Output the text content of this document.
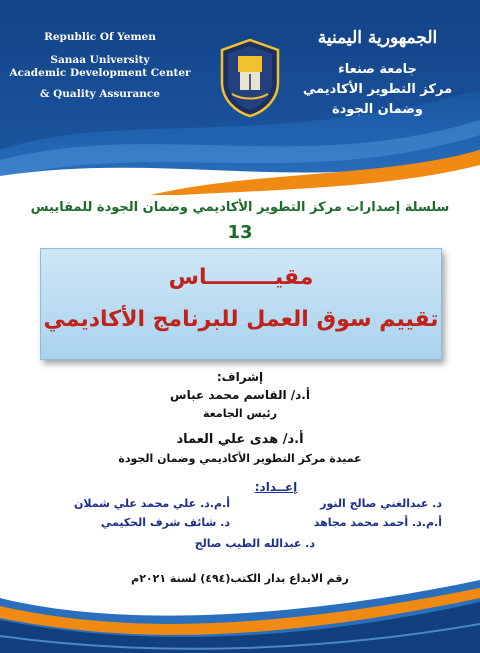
Republic Of Yemen
Sanaa University
Academic Development Center
& Quality Assurance
الجمهورية اليمنية
جامعة صنعاء
مركز التطوير الأكاديمي
وضمان الجودة
سلسلة إصدارات مركز التطوير الأكاديمي وضمان الجودة للمقاييس
13
مقيـــــــــاس
تقييم سوق العمل للبرنامج الأكاديمي
إشراف:
أ.د/ القاسم محمد عباس
رئيس الجامعة
أ.د/ هدى علي العماد
عميدة مركز التطوير الأكاديمي وضمان الجودة
إعــداد:
د. عبدالغني صالح النور
أ.م.د. علي محمد علي شملان
أ.م.د. أحمد محمد مجاهد
د. شائف شرف الحكيمي
د. عبدالله الطيب صالح
رقم الايداع بدار الكتب(٤٩٤) لسنة ٢٠٢١م
